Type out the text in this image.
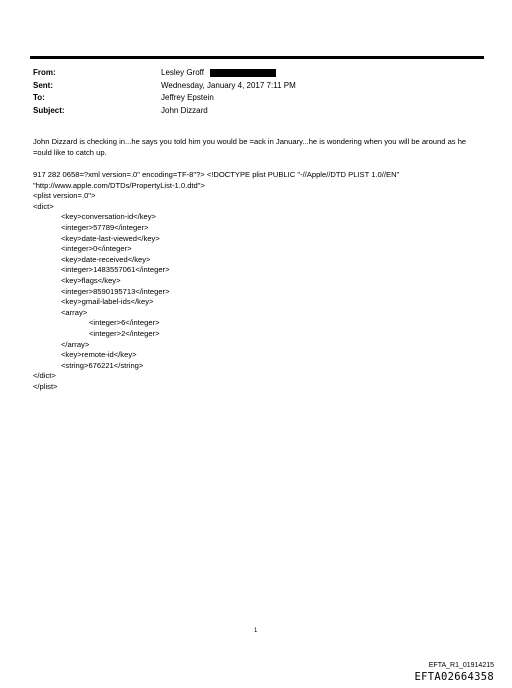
From:	Lesley Groff
Sent:	Wednesday, January 4, 2017 7:11 PM
To:	Jeffrey Epstein
Subject:	John Dizzard
John Dizzard is checking in...he says you told him you would be =ack in January...he is wondering when you will be around as he =ould like to catch up.
917 282 0658=?xml version=.0" encoding=TF-8"?> <!DOCTYPE plist PUBLIC "-//Apple//DTD PLIST 1.0//EN"
"http://www.apple.com/DTDs/PropertyList-1.0.dtd">
<plist version=.0">
<dict>
<key>conversation-id</key>
<integer>57789</integer>
<key>date-last-viewed</key>
<integer>0</integer>
<key>date-received</key>
<integer>1483557061</integer>
<key>flags</key>
<integer>8590195713</integer>
<key>gmail-label-ids</key>
<array>
<integer>6</integer>
<integer>2</integer>
</array>
<key>remote-id</key>
<string>676221</string>
</dict>
</plist>
1
EFTA_R1_01914215
EFTA02664358
